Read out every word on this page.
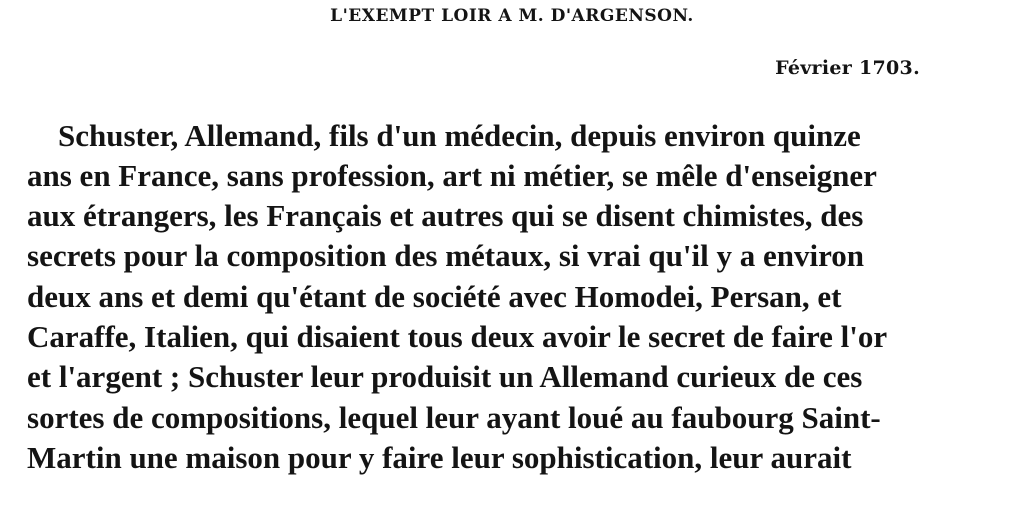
L'EXEMPT LOIR A M. D'ARGENSON.
Février 1703.
Schuster, Allemand, fils d'un médecin, depuis environ quinze
ans en France, sans profession, art ni métier, se mêle d'enseigner
aux étrangers, les Français et autres qui se disent chimistes, des
secrets pour la composition des métaux, si vrai qu'il y a environ
deux ans et demi qu'étant de société avec Homodei, Persan, et
Caraffe, Italien, qui disaient tous deux avoir le secret de faire l'or
et l'argent ; Schuster leur produisit un Allemand curieux de ces
sortes de compositions, lequel leur ayant loué au faubourg Saint-
Martin une maison pour y faire leur sophistication, leur aurait
